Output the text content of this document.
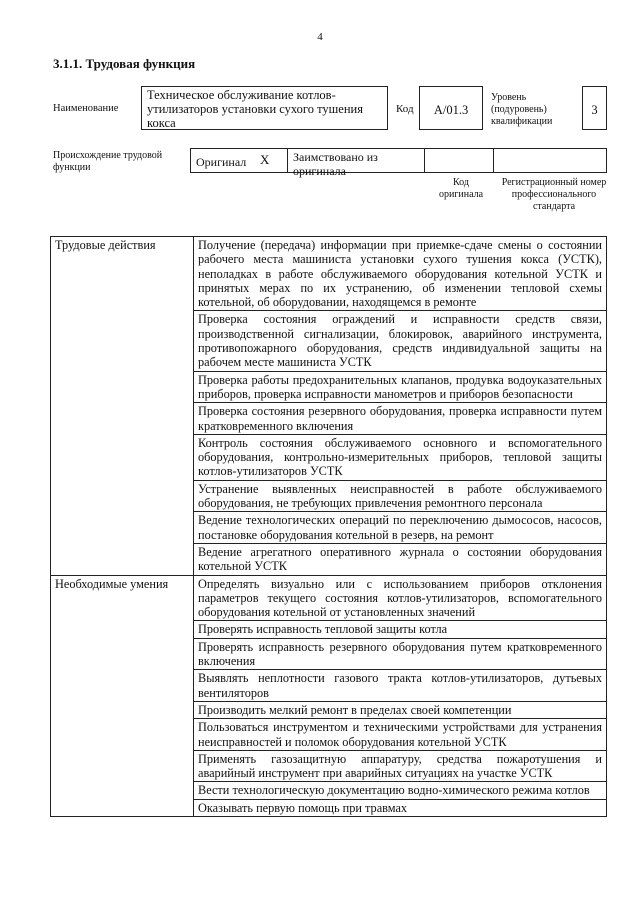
4
3.1.1. Трудовая функция
Наименование
Техническое обслуживание котлов-утилизаторов установки сухого тушения кокса
Код	А/01.3
Уровень (подуровень) квалификации
3
Происхождение трудовой функции	Оригинал X Заимствовано из оригинала
Код оригинала
Регистрационный номер профессионального стандарта
Трудовые действия	Получение (передача) информации при приемке-сдаче смены о состоянии рабочего места машиниста установки сухого тушения кокса (УСТК), неполадках в работе обслуживаемого оборудования котельной УСТК и принятых мерах по их устранению, об изменении тепловой схемы котельной, об оборудовании, находящемся в ремонте
	Проверка состояния ограждений и исправности средств связи, производственной сигнализации, блокировок, аварийного инструмента, противопожарного оборудования, средств индивидуальной защиты на рабочем месте машиниста УСТК
	Проверка работы предохранительных клапанов, продувка водоуказательных приборов, проверка исправности манометров и приборов безопасности
	Проверка состояния резервного оборудования, проверка исправности путем кратковременного включения
	Контроль состояния обслуживаемого основного и вспомогательного оборудования, контрольно-измерительных приборов, тепловой защиты котлов-утилизаторов УСТК
	Устранение выявленных неисправностей в работе обслуживаемого оборудования, не требующих привлечения ремонтного персонала
	Ведение технологических операций по переключению дымососов, насосов, постановке оборудования котельной в резерв, на ремонт
	Ведение агрегатного оперативного журнала о состоянии оборудования котельной УСТК
Необходимые умения	Определять визуально или с использованием приборов отклонения параметров текущего состояния котлов-утилизаторов, вспомогательного оборудования котельной от установленных значений
	Проверять исправность тепловой защиты котла
	Проверять исправность резервного оборудования путем кратковременного включения
	Выявлять неплотности газового тракта котлов-утилизаторов, дутьевых вентиляторов
	Производить мелкий ремонт в пределах своей компетенции
	Пользоваться инструментом и техническими устройствами для устранения неисправностей и поломок оборудования котельной УСТК
	Применять газозащитную аппаратуру, средства пожаротушения и аварийный инструмент при аварийных ситуациях на участке УСТК
	Вести технологическую документацию водно-химического режима котлов
	Оказывать первую помощь при травмах
